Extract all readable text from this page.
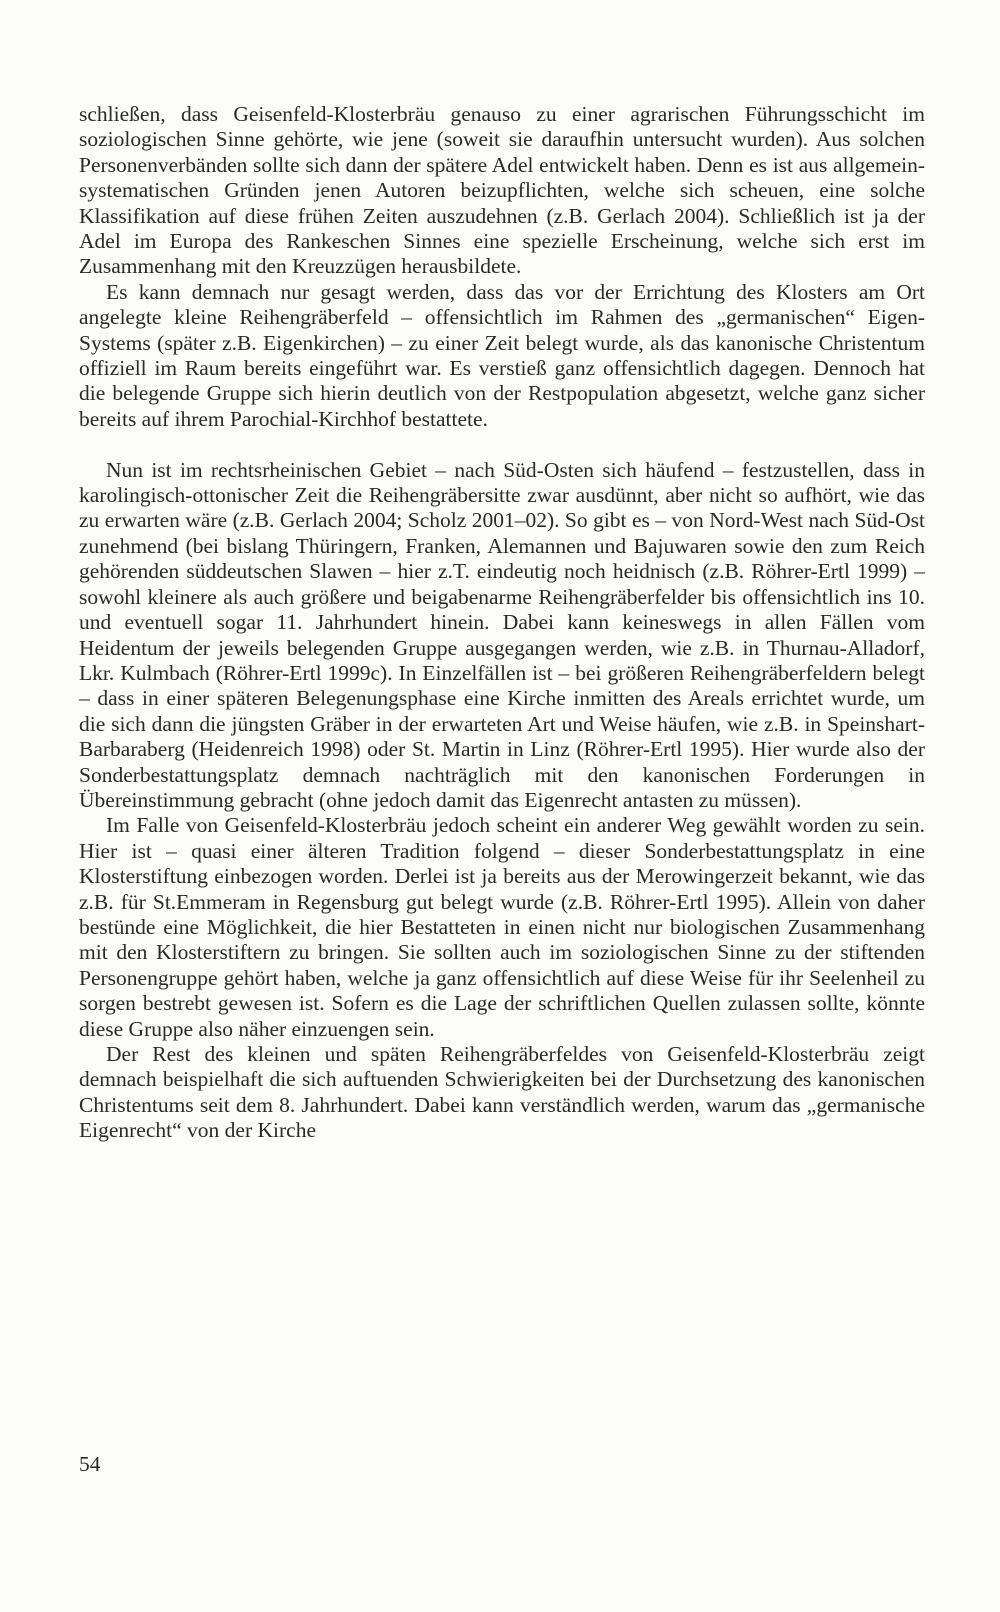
schließen, dass Geisenfeld-Klosterbräu genauso zu einer agrarischen Führungsschicht im soziologischen Sinne gehörte, wie jene (soweit sie daraufhin untersucht wurden). Aus solchen Personenverbänden sollte sich dann der spätere Adel entwickelt haben. Denn es ist aus allgemein-systematischen Gründen jenen Autoren beizupflichten, welche sich scheuen, eine solche Klassifikation auf diese frühen Zeiten auszudehnen (z.B. Gerlach 2004). Schließlich ist ja der Adel im Europa des Rankeschen Sinnes eine spezielle Erscheinung, welche sich erst im Zusammenhang mit den Kreuzzügen herausbildete.

Es kann demnach nur gesagt werden, dass das vor der Errichtung des Klosters am Ort angelegte kleine Reihengräberfeld – offensichtlich im Rahmen des „germanischen“ Eigen-Systems (später z.B. Eigenkirchen) – zu einer Zeit belegt wurde, als das kanonische Christentum offiziell im Raum bereits eingeführt war. Es verstieß ganz offensichtlich dagegen. Dennoch hat die belegende Gruppe sich hierin deutlich von der Restpopulation abgesetzt, welche ganz sicher bereits auf ihrem Parochial-Kirchhof bestattete.

Nun ist im rechtsrheinischen Gebiet – nach Süd-Osten sich häufend – festzustellen, dass in karolingisch-ottonischer Zeit die Reihengräbersitte zwar ausdünnt, aber nicht so aufhört, wie das zu erwarten wäre (z.B. Gerlach 2004; Scholz 2001–02). So gibt es – von Nord-West nach Süd-Ost zunehmend (bei bislang Thüringern, Franken, Alemannen und Bajuwaren sowie den zum Reich gehörenden süddeutschen Slawen – hier z.T. eindeutig noch heidnisch (z.B. Röhrer-Ertl 1999) – sowohl kleinere als auch größere und beigabenarme Reihengräberfelder bis offensichtlich ins 10. und eventuell sogar 11. Jahrhundert hinein. Dabei kann keineswegs in allen Fällen vom Heidentum der jeweils belegenden Gruppe ausgegangen werden, wie z.B. in Thurnau-Alladorf, Lkr. Kulmbach (Röhrer-Ertl 1999c). In Einzelfällen ist – bei größeren Reihengräberfeldern belegt – dass in einer späteren Belegenungsphase eine Kirche inmitten des Areals errichtet wurde, um die sich dann die jüngsten Gräber in der erwarteten Art und Weise häufen, wie z.B. in Speinshart-Barbaraberg (Heidenreich 1998) oder St. Martin in Linz (Röhrer-Ertl 1995). Hier wurde also der Sonderbestattungsplatz demnach nachträglich mit den kanonischen Forderungen in Übereinstimmung gebracht (ohne jedoch damit das Eigenrecht antasten zu müssen).

Im Falle von Geisenfeld-Klosterbräu jedoch scheint ein anderer Weg gewählt worden zu sein. Hier ist – quasi einer älteren Tradition folgend – dieser Sonderbestattungsplatz in eine Klosterstiftung einbezogen worden. Derlei ist ja bereits aus der Merowingerzeit bekannt, wie das z.B. für St.Emmeram in Regensburg gut belegt wurde (z.B. Röhrer-Ertl 1995). Allein von daher bestünde eine Möglichkeit, die hier Bestatteten in einen nicht nur biologischen Zusammenhang mit den Klosterstiftern zu bringen. Sie sollten auch im soziologischen Sinne zu der stiftenden Personengruppe gehört haben, welche ja ganz offensichtlich auf diese Weise für ihr Seelenheil zu sorgen bestrebt gewesen ist. Sofern es die Lage der schriftlichen Quellen zulassen sollte, könnte diese Gruppe also näher einzuengen sein.

Der Rest des kleinen und späten Reihengräberfeldes von Geisenfeld-Klosterbräu zeigt demnach beispielhaft die sich auftuenden Schwierigkeiten bei der Durchsetzung des kanonischen Christentums seit dem 8. Jahrhundert. Dabei kann verständlich werden, warum das „germanische Eigenrecht“ von der Kirche

54
